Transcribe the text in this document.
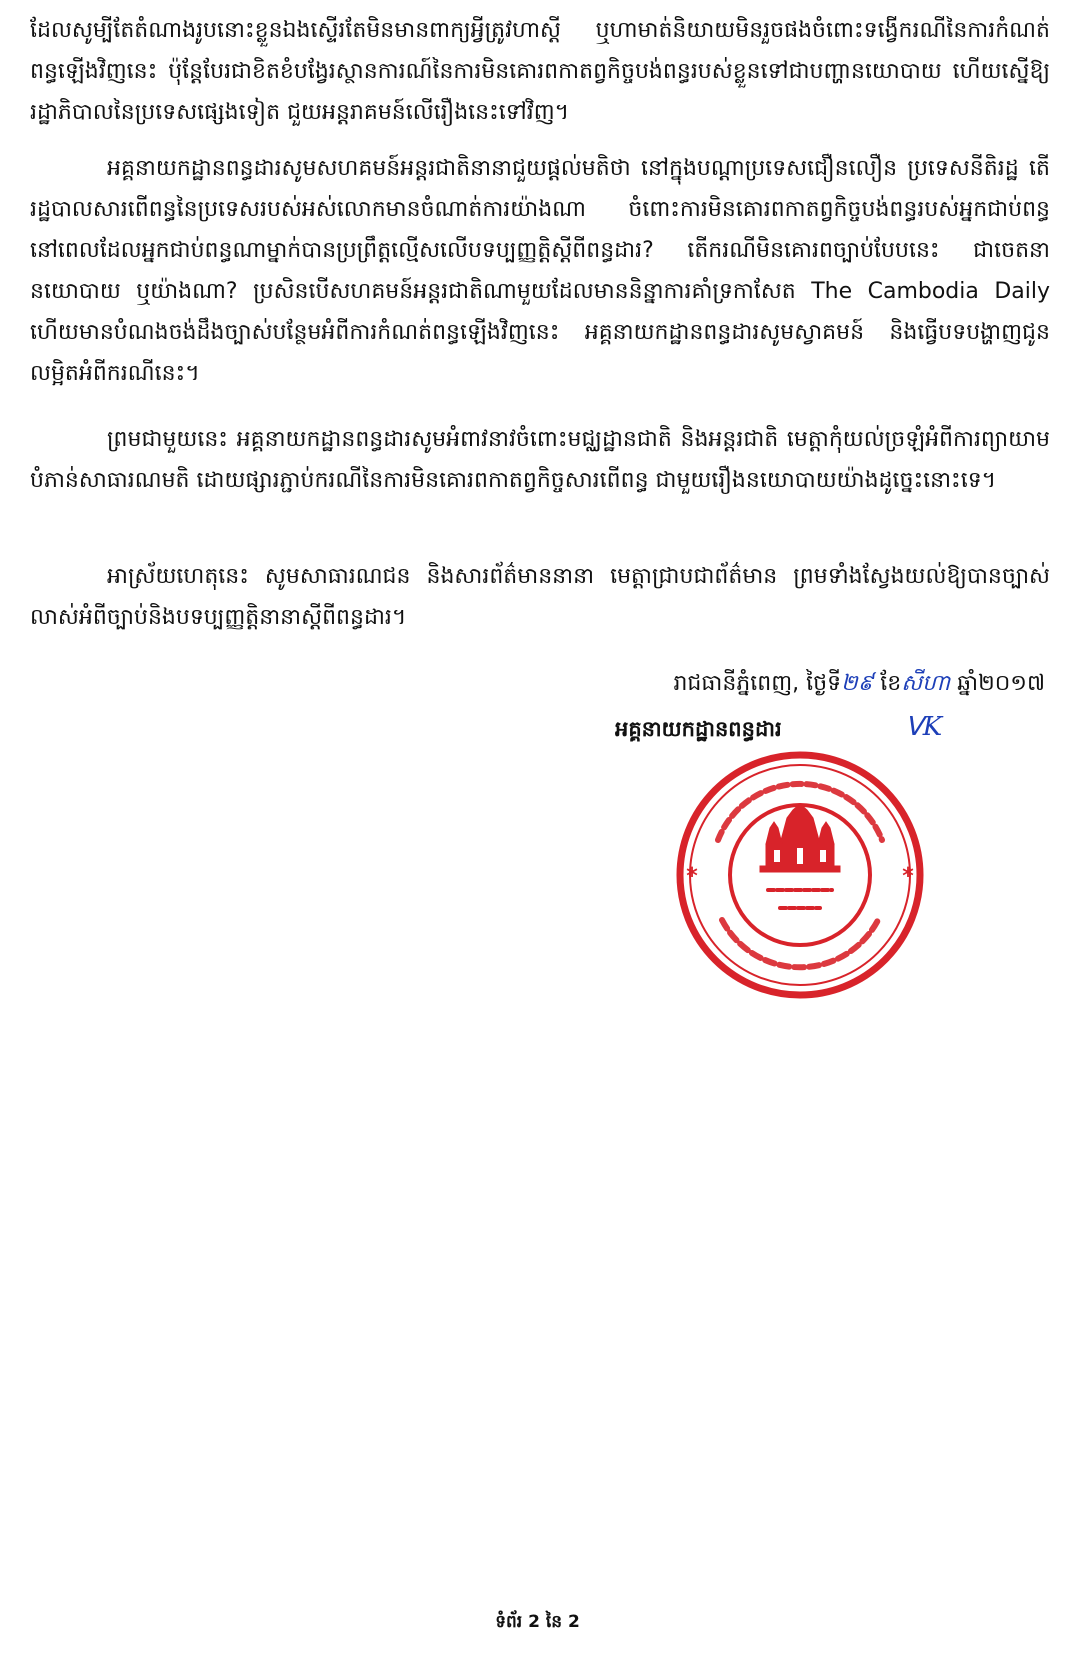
ដែលសូម្បីតែតំណាងរូបនោះខ្លួនឯងស្ទើរតែមិនមានពាក្យអ្វីត្រូវហាស្តី ឬហាមាត់និយាយមិនរួចផងចំពោះទង្វើករណីនៃការកំណត់ពន្ធឡើងវិញនេះ ប៉ុន្តែបែរជាខិតខំបង្វែរស្ថានការណ៍នៃការមិនគោរពកាតព្វកិច្ចបង់ពន្ធរបស់ខ្លួនទៅជាបញ្ហានយោបាយ ហើយស្នើឱ្យរដ្ឋាភិបាលនៃប្រទេសផ្សេងទៀត ជួយអន្តរាគមន៍លើរឿងនេះទៅវិញ។

អគ្គនាយកដ្ឋានពន្ធដារសូមសហគមន៍អន្តរជាតិនានាជួយផ្តល់មតិថា នៅក្នុងបណ្តាប្រទេសជឿនលឿន ប្រទេសនីតិរដ្ឋ តើរដ្ឋបាលសារពើពន្ធនៃប្រទេសរបស់អស់លោកមានចំណាត់ការយ៉ាងណា ចំពោះការមិនគោរពកាតព្វកិច្ចបង់ពន្ធរបស់អ្នកជាប់ពន្ធ នៅពេលដែលអ្នកជាប់ពន្ធណាម្នាក់បានប្រព្រឹត្តល្មើសលើបទប្បញ្ញត្តិស្តីពីពន្ធដារ? តើករណីមិនគោរពច្បាប់បែបនេះ ជាចេតនានយោបាយ ឬយ៉ាងណា? ប្រសិនបើសហគមន៍អន្តរជាតិណាមួយដែលមាននិន្នាការគាំទ្រកាសែត The Cambodia Daily ហើយមានបំណងចង់ដឹងច្បាស់បន្ថែមអំពីការកំណត់ពន្ធឡើងវិញនេះ អគ្គនាយកដ្ឋានពន្ធដារសូមស្វាគមន៍ និងធ្វើបទបង្ហាញជូនលម្អិតអំពីករណីនេះ។

ព្រមជាមួយនេះ អគ្គនាយកដ្ឋានពន្ធដារសូមអំពាវនាវចំពោះមជ្ឈដ្ឋានជាតិ និងអន្តរជាតិ មេត្តាកុំយល់ច្រឡំអំពីការព្យាយាមបំភាន់សាធារណមតិ ដោយផ្សារភ្ជាប់ករណីនៃការមិនគោរពកាតព្វកិច្ចសារពើពន្ធ ជាមួយរឿងនយោបាយយ៉ាងដូច្នេះនោះទេ។

អាស្រ័យហេតុនេះ សូមសាធារណជន និងសារព័ត៌មាននានា មេត្តាជ្រាបជាព័ត៌មាន ព្រមទាំងស្វែងយល់ឱ្យបានច្បាស់លាស់អំពីច្បាប់និងបទប្បញ្ញត្តិនានាស្តីពីពន្ធដារ។

រាជធានីភ្នំពេញ, ថ្ងៃទី២៩ ខែសីហា ឆ្នាំ២០១៧
អគ្គនាយកដ្ឋានពន្ធដារ	ᐯK
*	*
ទំព័រ 2 នៃ 2
